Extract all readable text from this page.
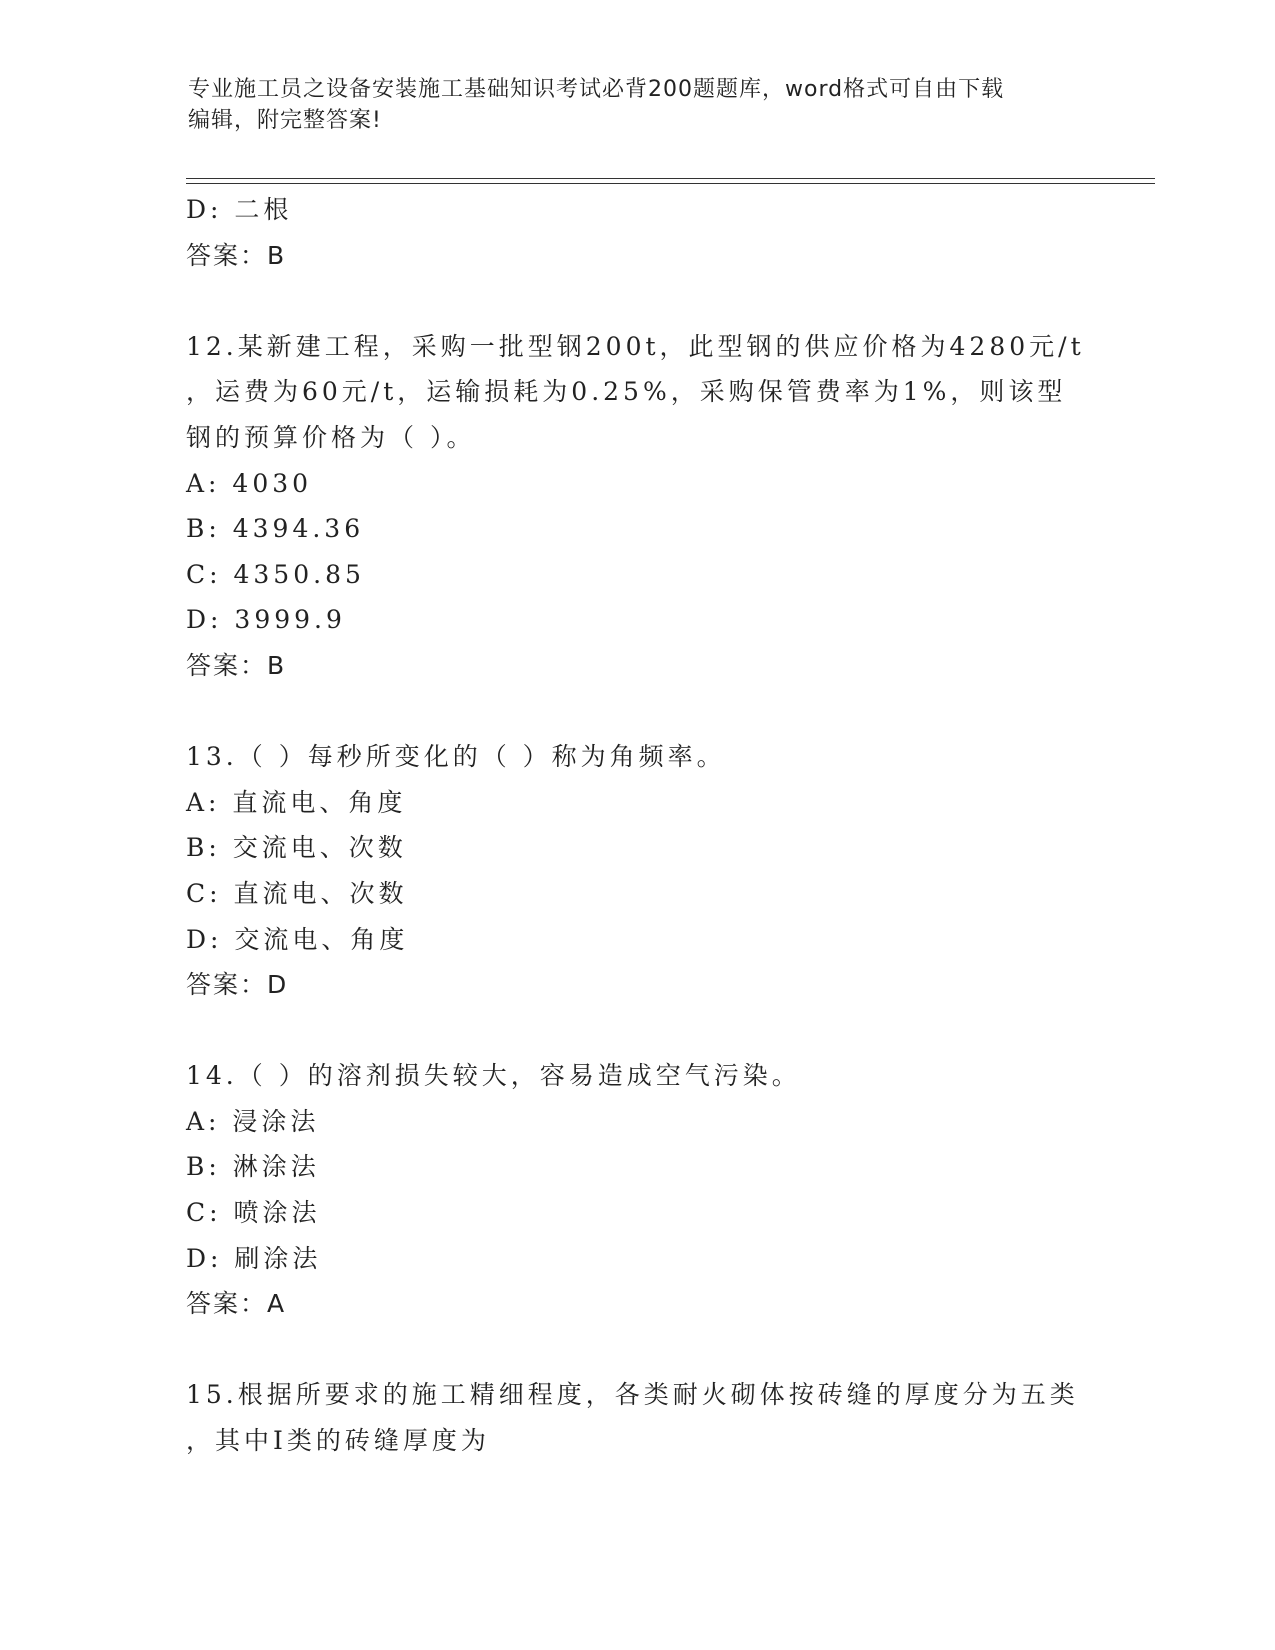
专业施工员之设备安装施工基础知识考试必背200题题库，word格式可自由下载
编辑，附完整答案!
D: 二根
答案：B
12.某新建工程，采购一批型钢200t，此型钢的供应价格为4280元/t
，运费为60元/t，运输损耗为0.25%，采购保管费率为1%，则该型
钢的预算价格为（ ）。
A: 4030
B: 4394.36
C: 4350.85
D: 3999.9
答案：B
13.（ ）每秒所变化的（ ）称为角频率。
A: 直流电、角度
B: 交流电、次数
C: 直流电、次数
D: 交流电、角度
答案：D
14.（ ）的溶剂损失较大，容易造成空气污染。
A: 浸涂法
B: 淋涂法
C: 喷涂法
D: 刷涂法
答案：A
15.根据所要求的施工精细程度，各类耐火砌体按砖缝的厚度分为五类
，其中I类的砖缝厚度为
